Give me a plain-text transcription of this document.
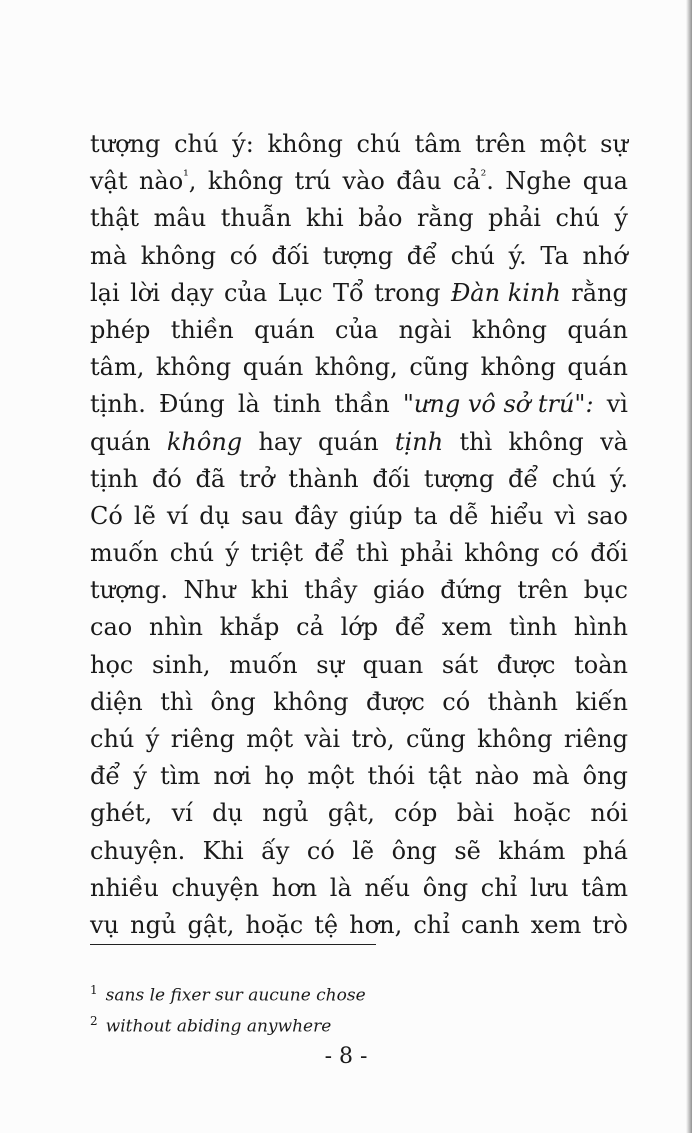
tượng chú ý: không chú tâm trên một sự
vật nào$^{^1}$, không trú vào đâu cả$^{^2}$. Nghe qua
thật mâu thuẫn khi bảo rằng phải chú ý
mà không có đối tượng để chú ý. Ta nhớ
lại lời dạy của Lục Tổ trong Đàn kinh rằng
phép thiền quán của ngài không quán
tâm, không quán không, cũng không quán
tịnh. Đúng là tinh thần "ưng vô sở trú": vì
quán không hay quán tịnh thì không và
tịnh đó đã trở thành đối tượng để chú ý.
Có lẽ ví dụ sau đây giúp ta dễ hiểu vì sao
muốn chú ý triệt để thì phải không có đối
tượng. Như khi thầy giáo đứng trên bục
cao nhìn khắp cả lớp để xem tình hình
học sinh, muốn sự quan sát được toàn
diện thì ông không được có thành kiến
chú ý riêng một vài trò, cũng không riêng
để ý tìm nơi họ một thói tật nào mà ông
ghét, ví dụ ngủ gật, cóp bài hoặc nói
chuyện. Khi ấy có lẽ ông sẽ khám phá
nhiều chuyện hơn là nếu ông chỉ lưu tâm
vụ ngủ gật, hoặc tệ hơn, chỉ canh xem trò
$^1$ sans le fixer sur aucune chose
$^2$ without abiding anywhere
- 8 -
